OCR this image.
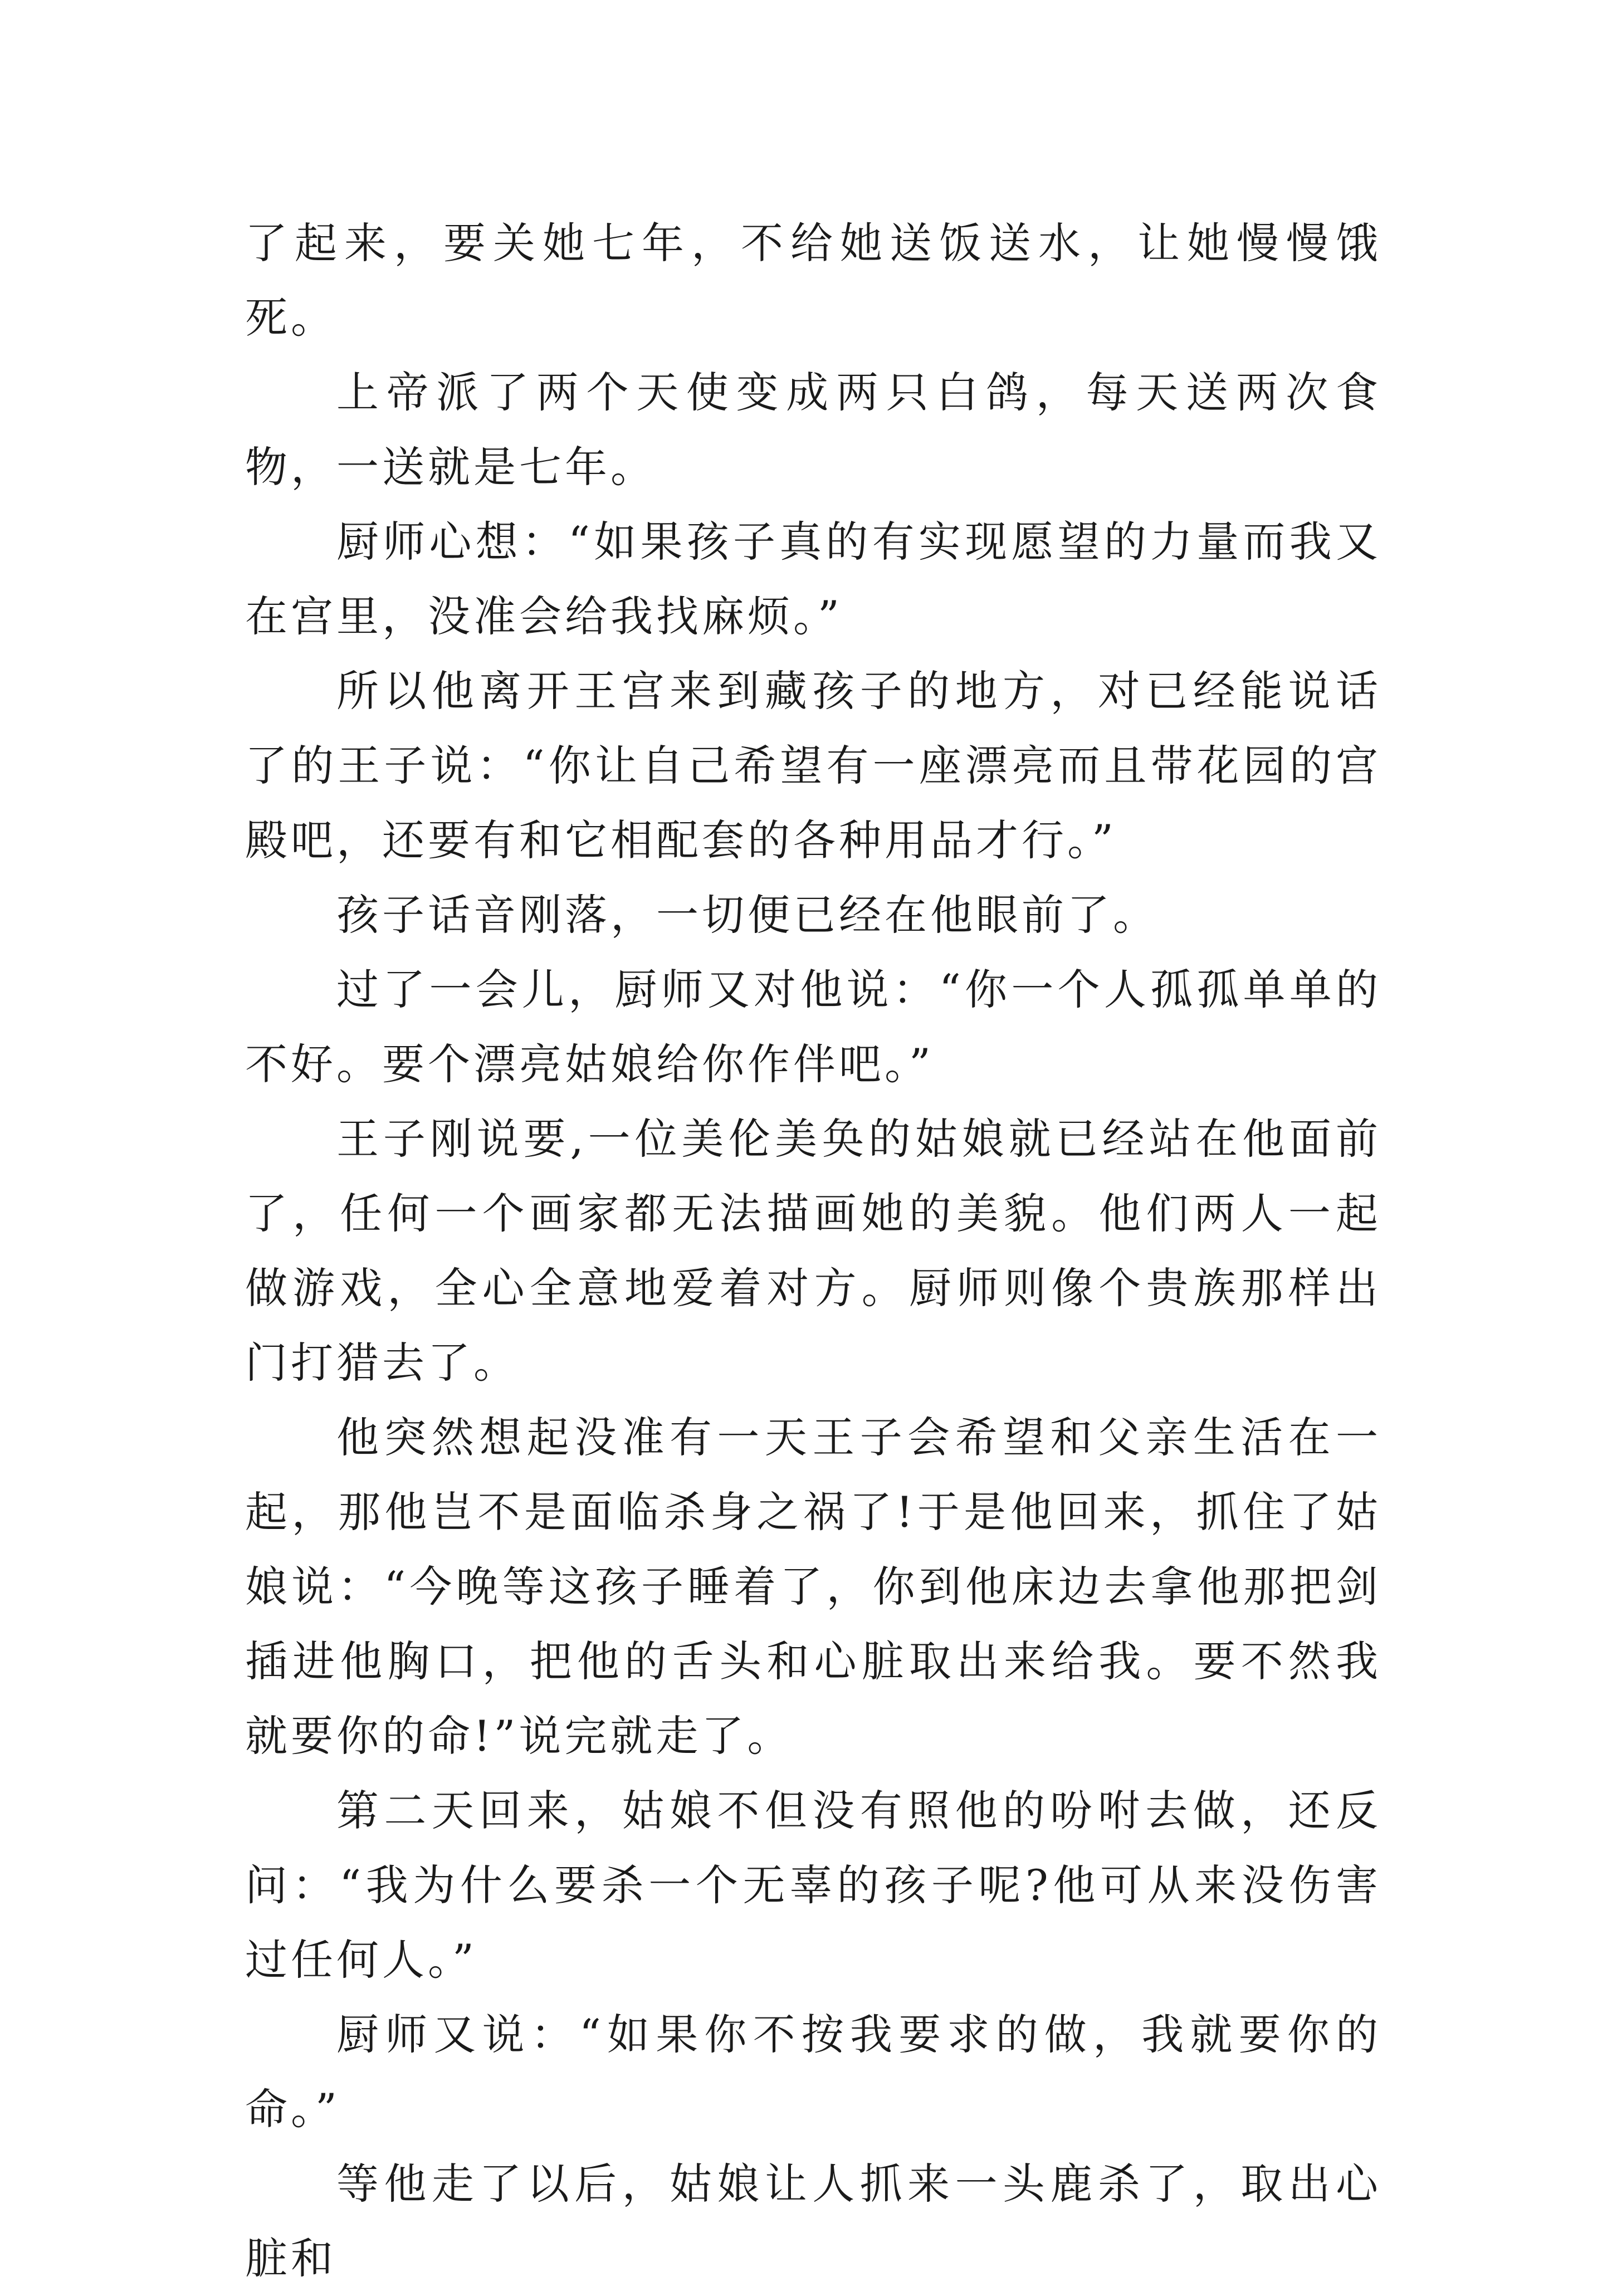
了起来，要关她七年，不给她送饭送水，让她慢慢饿死。

上帝派了两个天使变成两只白鸽，每天送两次食物，一送就是七年。

厨师心想：“如果孩子真的有实现愿望的力量而我又在宫里，没准会给我找麻烦。”

所以他离开王宫来到藏孩子的地方，对已经能说话了的王子说：“你让自己希望有一座漂亮而且带花园的宫殿吧，还要有和它相配套的各种用品才行。”

孩子话音刚落，一切便已经在他眼前了。

过了一会儿，厨师又对他说：“你一个人孤孤单单的不好。要个漂亮姑娘给你作伴吧。”

王子刚说要,一位美伦美奂的姑娘就已经站在他面前了，任何一个画家都无法描画她的美貌。他们两人一起做游戏，全心全意地爱着对方。厨师则像个贵族那样出门打猎去了。

他突然想起没准有一天王子会希望和父亲生活在一起，那他岂不是面临杀身之祸了!于是他回来，抓住了姑娘说：“今晚等这孩子睡着了，你到他床边去拿他那把剑插进他胸口，把他的舌头和心脏取出来给我。要不然我就要你的命!”说完就走了。

第二天回来，姑娘不但没有照他的吩咐去做，还反问：“我为什么要杀一个无辜的孩子呢?他可从来没伤害过任何人。”

厨师又说：“如果你不按我要求的做，我就要你的命。”

等他走了以后，姑娘让人抓来一头鹿杀了，取出心脏和
